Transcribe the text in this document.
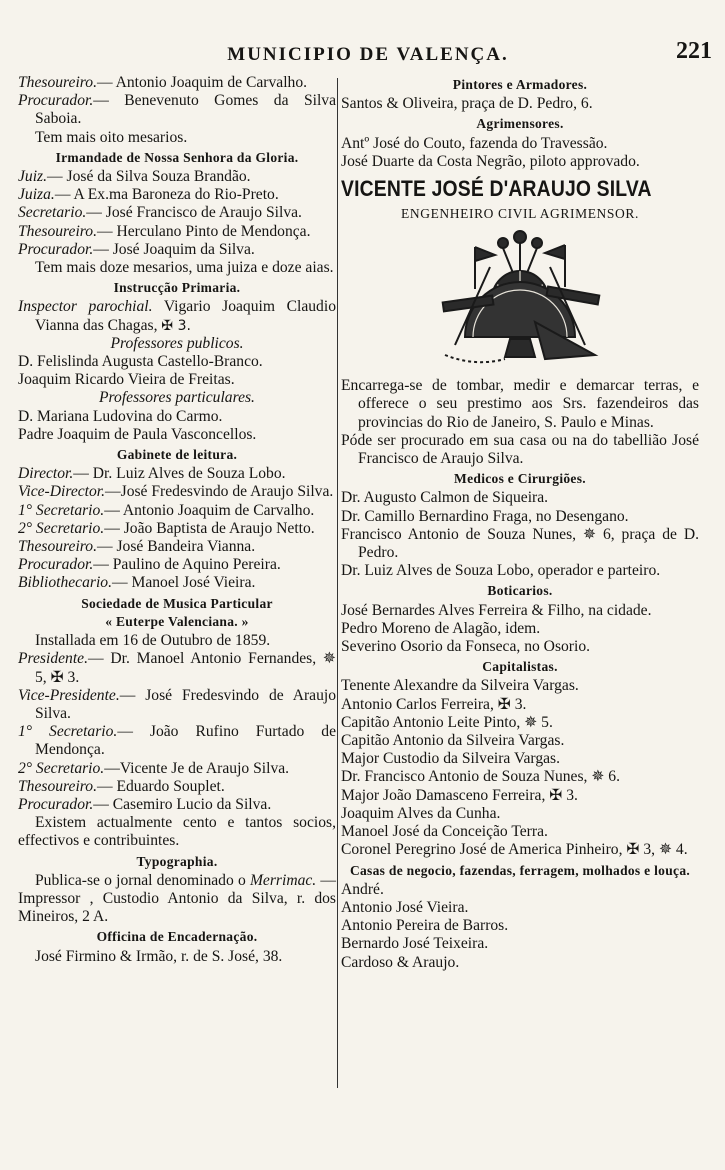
MUNICIPIO DE VALENÇA.	221
Thesoureiro.— Antonio Joaquim de Carvalho.
Procurador.— Benevenuto Gomes da Silva Saboia.
Tem mais oito mesarios.
Irmandade de Nossa Senhora da Gloria.
Juiz.— José da Silva Souza Brandão.
Juiza.— A Ex.ma Baroneza do Rio-Preto.
Secretario.— José Francisco de Araujo Silva.
Thesoureiro.— Herculano Pinto de Mendonça.
Procurador.— José Joaquim da Silva.
Tem mais doze mesarios, uma juiza e doze aias.
Instrucção Primaria.
Inspector parochial. Vigario Joaquim Claudio Vianna das Chagas, ✠ 3.
Professores publicos.
D. Felislinda Augusta Castello-Branco.
Joaquim Ricardo Vieira de Freitas.
Professores particulares.
D. Mariana Ludovina do Carmo.
Padre Joaquim de Paula Vasconcellos.
Gabinete de leitura.
Director.— Dr. Luiz Alves de Souza Lobo.
Vice-Director.—José Fredesvindo de Araujo Silva.
1° Secretario.— Antonio Joaquim de Carvalho.
2° Secretario.— João Baptista de Araujo Netto.
Thesoureiro.— José Bandeira Vianna.
Procurador.— Paulino de Aquino Pereira.
Bibliothecario.— Manoel José Vieira.
Sociedade de Musica Particular
« Euterpe Valenciana. »
Installada em 16 de Outubro de 1859.
Presidente.— Dr. Manoel Antonio Fernandes, ✵ 5, ✠ 3.
Vice-Presidente.— José Fredesvindo de Araujo Silva.
1° Secretario.— João Rufino Furtado de Mendonça.
2° Secretario.—Vicente Je de Araujo Silva.
Thesoureiro.— Eduardo Souplet.
Procurador.— Casemiro Lucio da Silva.
Existem actualmente cento e tantos socios, effectivos e contribuintes.
Typographia.
Publica-se o jornal denominado o Merrimac. — Impressor , Custodio Antonio da Silva, r. dos Mineiros, 2 A.
Officina de Encadernação.
José Firmino & Irmão, r. de S. José, 38.
Pintores e Armadores.
Santos & Oliveira, praça de D. Pedro, 6.
Agrimensores.
Antº José do Couto, fazenda do Travessão.
José Duarte da Costa Negrão, piloto approvado.
VICENTE JOSÉ D'ARAUJO SILVA
ENGENHEIRO CIVIL AGRIMENSOR.
Encarrega-se de tombar, medir e demarcar terras, e offerece o seu prestimo aos Srs. fazendeiros das provincias do Rio de Janeiro, S. Paulo e Minas.
Póde ser procurado em sua casa ou na do tabellião José Francisco de Araujo Silva.
Medicos e Cirurgiões.
Dr. Augusto Calmon de Siqueira.
Dr. Camillo Bernardino Fraga, no Desengano.
Francisco Antonio de Souza Nunes, ✵ 6, praça de D. Pedro.
Dr. Luiz Alves de Souza Lobo, operador e parteiro.
Boticarios.
José Bernardes Alves Ferreira & Filho, na cidade.
Pedro Moreno de Alagão, idem.
Severino Osorio da Fonseca, no Osorio.
Capitalistas.
Tenente Alexandre da Silveira Vargas.
Antonio Carlos Ferreira, ✠ 3.
Capitão Antonio Leite Pinto, ✵ 5.
Capitão Antonio da Silveira Vargas.
Major Custodio da Silveira Vargas.
Dr. Francisco Antonio de Souza Nunes, ✵ 6.
Major João Damasceno Ferreira, ✠ 3.
Joaquim Alves da Cunha.
Manoel José da Conceição Terra.
Coronel Peregrino José de America Pinheiro, ✠ 3, ✵ 4.
Casas de negocio, fazendas, ferragem, molhados e louça.
André.
Antonio José Vieira.
Antonio Pereira de Barros.
Bernardo José Teixeira.
Cardoso & Araujo.
